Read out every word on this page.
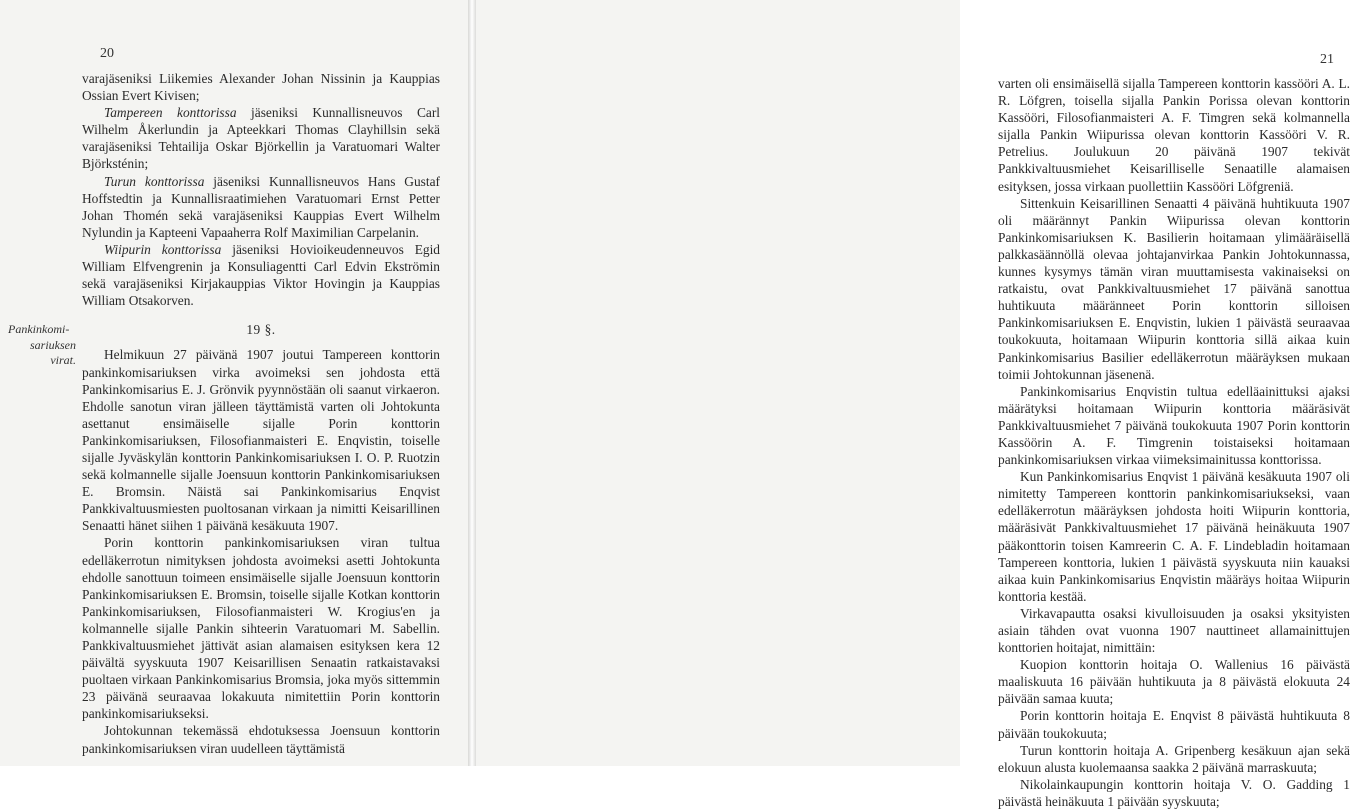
20
Pankinkomi-
sariuksen
virat.

varajäseniksi Liikemies Alexander Johan Nissinin ja Kauppias Ossian Evert Kivisen;

Tampereen konttorissa jäseniksi Kunnallisneuvos Carl Wilhelm Åkerlundin ja Apteekkari Thomas Clayhillsin sekä varajäseniksi Tehtailija Oskar Björkellin ja Varatuomari Walter Björksténin;

Turun konttorissa jäseniksi Kunnallisneuvos Hans Gustaf Hoffstedtin ja Kunnallisraatimiehen Varatuomari Ernst Petter Johan Thomén sekä varajäseniksi Kauppias Evert Wilhelm Nylundin ja Kapteeni Vapaaherra Rolf Maximilian Carpelanin.

Wiipurin konttorissa jäseniksi Hovioikeudenneuvos Egid William Elfvengrenin ja Konsuliagentti Carl Edvin Ekströmin sekä varajäseniksi Kirjakauppias Viktor Hovingin ja Kauppias William Otsakorven.

19 §.

Helmikuun 27 päivänä 1907 joutui Tampereen konttorin pankinkomisariuksen virka avoimeksi sen johdosta että Pankinkomisarius E. J. Grönvik pyynnöstään oli saanut virkaeron. Ehdolle sanotun viran jälleen täyttämistä varten oli Johtokunta asettanut ensimäiselle sijalle Porin konttorin Pankinkomisariuksen, Filosofianmaisteri E. Enqvistin, toiselle sijalle Jyväskylän konttorin Pankinkomisariuksen I. O. P. Ruotzin sekä kolmannelle sijalle Joensuun konttorin Pankinkomisariuksen E. Bromsin. Näistä sai Pankinkomisarius Enqvist Pankkivaltuusmiesten puoltosanan virkaan ja nimitti Keisarillinen Senaatti hänet siihen 1 päivänä kesäkuuta 1907.

Porin konttorin pankinkomisariuksen viran tultua edelläkerrotun nimityksen johdosta avoimeksi asetti Johtokunta ehdolle sanottuun toimeen ensimäiselle sijalle Joensuun konttorin Pankinkomisariuksen E. Bromsin, toiselle sijalle Kotkan konttorin Pankinkomisariuksen, Filosofianmaisteri W. Krogius'en ja kolmannelle sijalle Pankin sihteerin Varatuomari M. Sabellin. Pankkivaltuusmiehet jättivät asian alamaisen esityksen kera 12 päivältä syyskuuta 1907 Keisarillisen Senaatin ratkaistavaksi puoltaen virkaan Pankinkomisarius Bromsia, joka myös sittemmin 23 päivänä seuraavaa lokakuuta nimitettiin Porin konttorin pankinkomisariukseksi.

Johtokunnan tekemässä ehdotuksessa Joensuun konttorin pankinkomisariuksen viran uudelleen täyttämistä

21

varten oli ensimäisellä sijalla Tampereen konttorin kassööri A. L. R. Löfgren, toisella sijalla Pankin Porissa olevan konttorin Kassööri, Filosofianmaisteri A. F. Timgren sekä kolmannella sijalla Pankin Wiipurissa olevan konttorin Kassööri V. R. Petrelius. Joulukuun 20 päivänä 1907 tekivät Pankkivaltuusmiehet Keisarilliselle Senaatille alamaisen esityksen, jossa virkaan puollettiin Kassööri Löfgreniä.

Sittenkuin Keisarillinen Senaatti 4 päivänä huhtikuuta 1907 oli määrännyt Pankin Wiipurissa olevan konttorin Pankinkomisariuksen K. Basilierin hoitamaan ylimääräisellä palkkasäännöllä olevaa johtajanvirkaa Pankin Johtokunnassa, kunnes kysymys tämän viran muuttamisesta vakinaiseksi on ratkaistu, ovat Pankkivaltuusmiehet 17 päivänä sanottua huhtikuuta määränneet Porin konttorin silloisen Pankinkomisariuksen E. Enqvistin, lukien 1 päivästä seuraavaa toukokuuta, hoitamaan Wiipurin konttoria sillä aikaa kuin Pankinkomisarius Basilier edelläkerrotun määräyksen mukaan toimii Johtokunnan jäsenenä.

Pankinkomisarius Enqvistin tultua edelläainittuksi ajaksi määrätyksi hoitamaan Wiipurin konttoria määräsivät Pankkivaltuusmiehet 7 päivänä toukokuuta 1907 Porin konttorin Kassöörin A. F. Timgrenin toistaiseksi hoitamaan pankinkomisariuksen virkaa viimeksimainitussa konttorissa.

Kun Pankinkomisarius Enqvist 1 päivänä kesäkuuta 1907 oli nimitetty Tampereen konttorin pankinkomisariukseksi, vaan edelläkerrotun määräyksen johdosta hoiti Wiipurin konttoria, määräsivät Pankkivaltuusmiehet 17 päivänä heinäkuuta 1907 pääkonttorin toisen Kamreerin C. A. F. Lindebladin hoitamaan Tampereen konttoria, lukien 1 päivästä syyskuuta niin kauaksi aikaa kuin Pankinkomisarius Enqvistin määräys hoitaa Wiipurin konttoria kestää.

Virkavapautta osaksi kivulloisuuden ja osaksi yksityisten asiain tähden ovat vuonna 1907 nauttineet allamainittujen konttorien hoitajat, nimittäin:

Kuopion konttorin hoitaja O. Wallenius 16 päivästä maaliskuuta 16 päivään huhtikuuta ja 8 päivästä elokuuta 24 päivään samaa kuuta;

Porin konttorin hoitaja E. Enqvist 8 päivästä huhtikuuta 8 päivään toukokuuta;

Turun konttorin hoitaja A. Gripenberg kesäkuun ajan sekä elokuun alusta kuolemaansa saakka 2 päivänä marraskuuta;

Nikolainkaupungin konttorin hoitaja V. O. Gadding 1 päivästä heinäkuuta 1 päivään syyskuuta;
